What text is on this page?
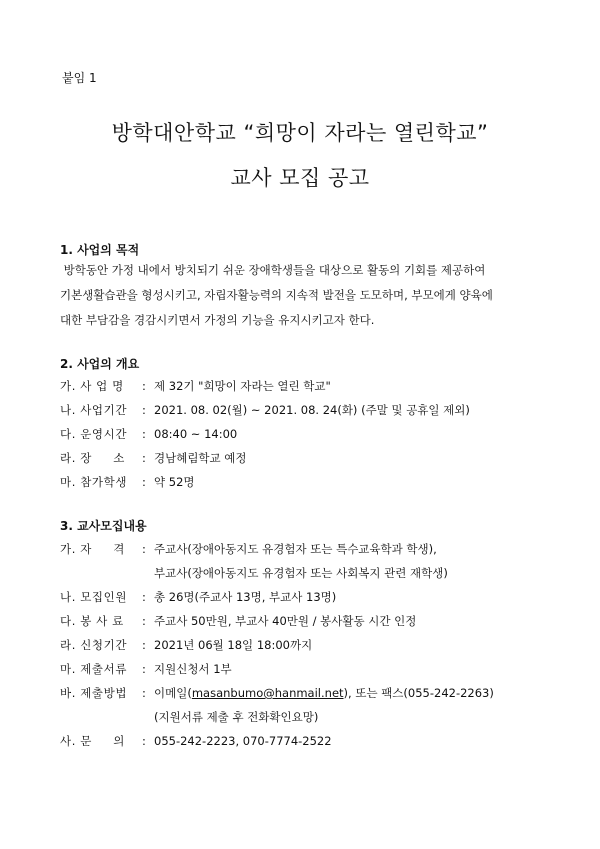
붙임 1
방학대안학교 “희망이 자라는 열린학교”
교사 모집 공고
1. 사업의 목적
방학동안 가정 내에서 방치되기 쉬운 장애학생들을 대상으로 활동의 기회를 제공하여
기본생활습관을 형성시키고, 자립자활능력의 지속적 발전을 도모하며, 부모에게 양육에
대한 부담감을 경감시키면서 가정의 기능을 유지시키고자 한다.
2. 사업의 개요
가. 사 업 명 : 제 32기 "희망이 자라는 열린 학교"
나. 사업기간 : 2021. 08. 02(월) ~ 2021. 08. 24(화) (주말 및 공휴일 제외)
다. 운영시간 : 08:40 ~ 14:00
라. 장     소 : 경남혜림학교 예정
마. 참가학생 : 약 52명
3. 교사모집내용
가. 자     격 : 주교사(장애아동지도 유경험자 또는 특수교육학과 학생),
부교사(장애아동지도 유경험자 또는 사회복지 관련 재학생)
나. 모집인원 : 총 26명(주교사 13명, 부교사 13명)
다. 봉 사 료 : 주교사 50만원, 부교사 40만원 / 봉사활동 시간 인정
라. 신청기간 : 2021년 06월 18일 18:00까지
마. 제출서류 : 지원신청서 1부
바. 제출방법 : 이메일(masanbumo@hanmail.net), 또는 팩스(055-242-2263)
(지원서류 제출 후 전화확인요망)
사. 문     의 : 055-242-2223, 070-7774-2522
